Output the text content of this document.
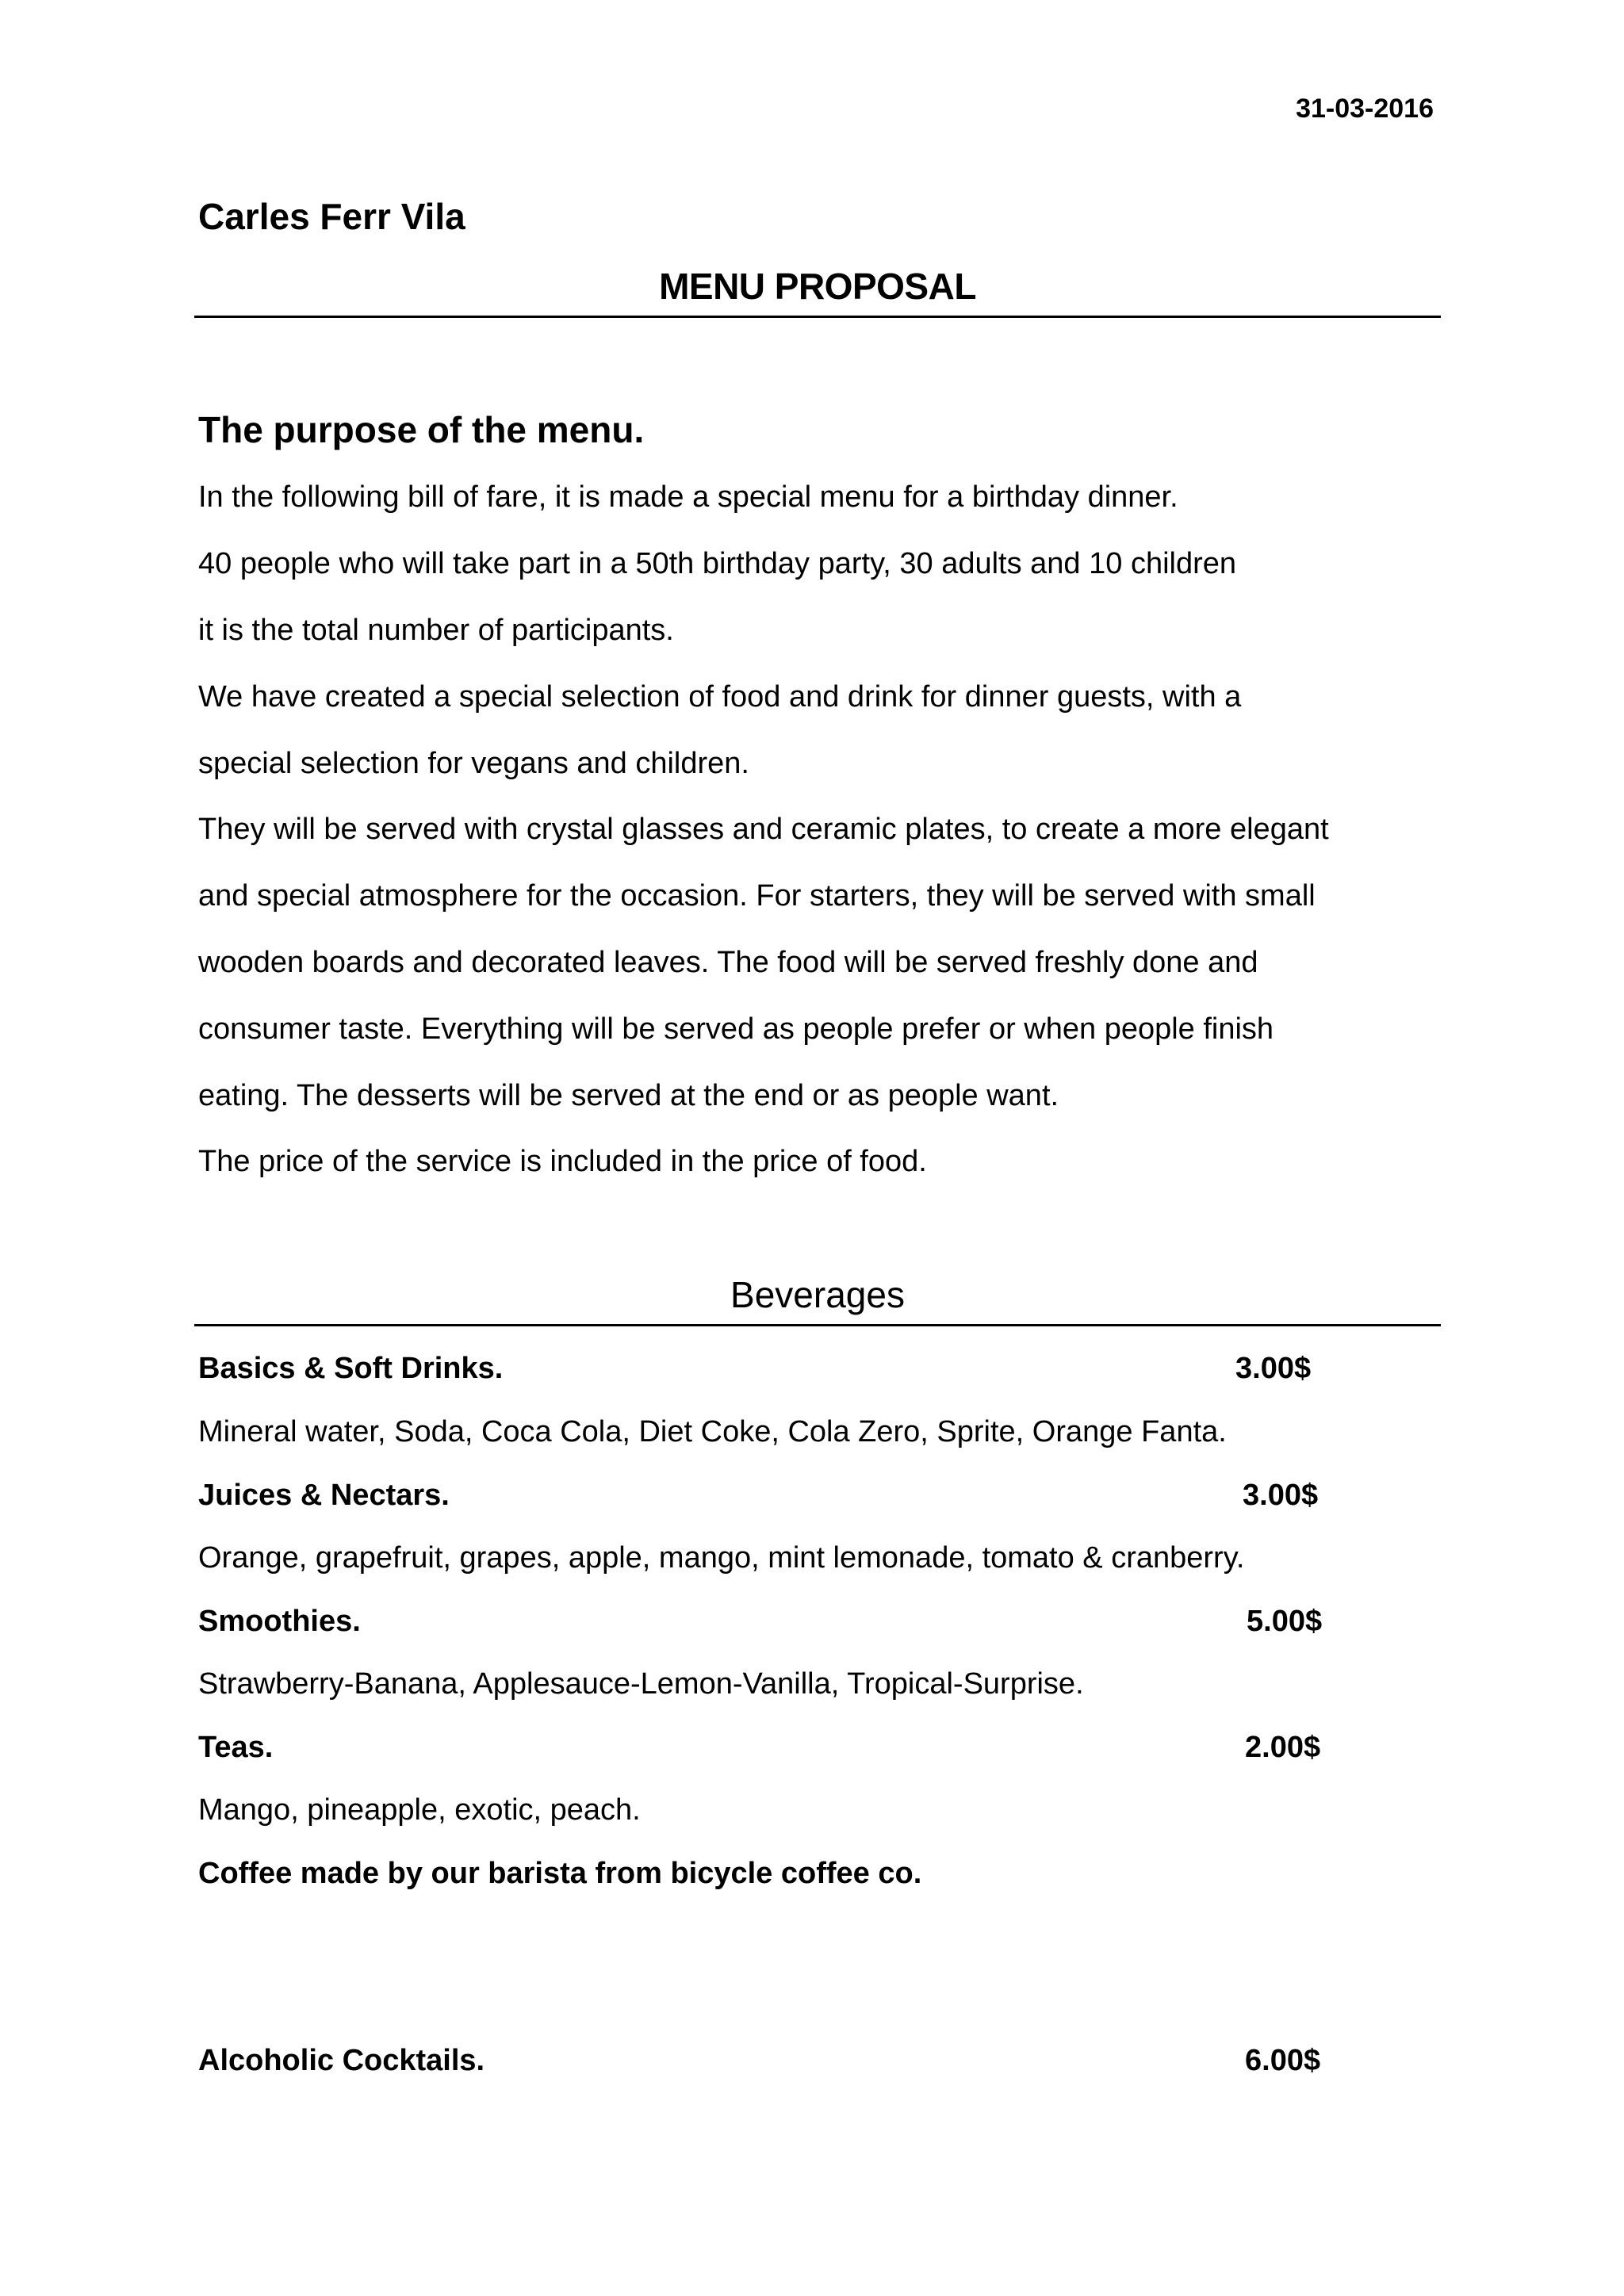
31-03-2016
Carles Ferr Vila
MENU PROPOSAL
The purpose of the menu.
In the following bill of fare, it is made a special menu for a birthday dinner.
40 people who will take part in a 50th birthday party, 30 adults and 10 children
it is the total number of participants.
We have created a special selection of food and drink for dinner guests, with a
special selection for vegans and children.
They will be served with crystal glasses and ceramic plates, to create a more elegant
and special atmosphere for the occasion. For starters, they will be served with small
wooden boards and decorated leaves. The food will be served freshly done and
consumer taste. Everything will be served as people prefer or when people finish
eating. The desserts will be served at the end or as people want.
The price of the service is included in the price of food.
Beverages
Basics & Soft Drinks.	3.00$
Mineral water, Soda, Coca Cola, Diet Coke, Cola Zero, Sprite, Orange Fanta.
Juices & Nectars.	3.00$
Orange, grapefruit, grapes, apple, mango, mint lemonade, tomato & cranberry.
Smoothies.	5.00$
Strawberry-Banana, Applesauce-Lemon-Vanilla, Tropical-Surprise.
Teas.	2.00$
Mango, pineapple, exotic, peach.
Coffee made by our barista from bicycle coffee co.
Alcoholic Cocktails.	6.00$
